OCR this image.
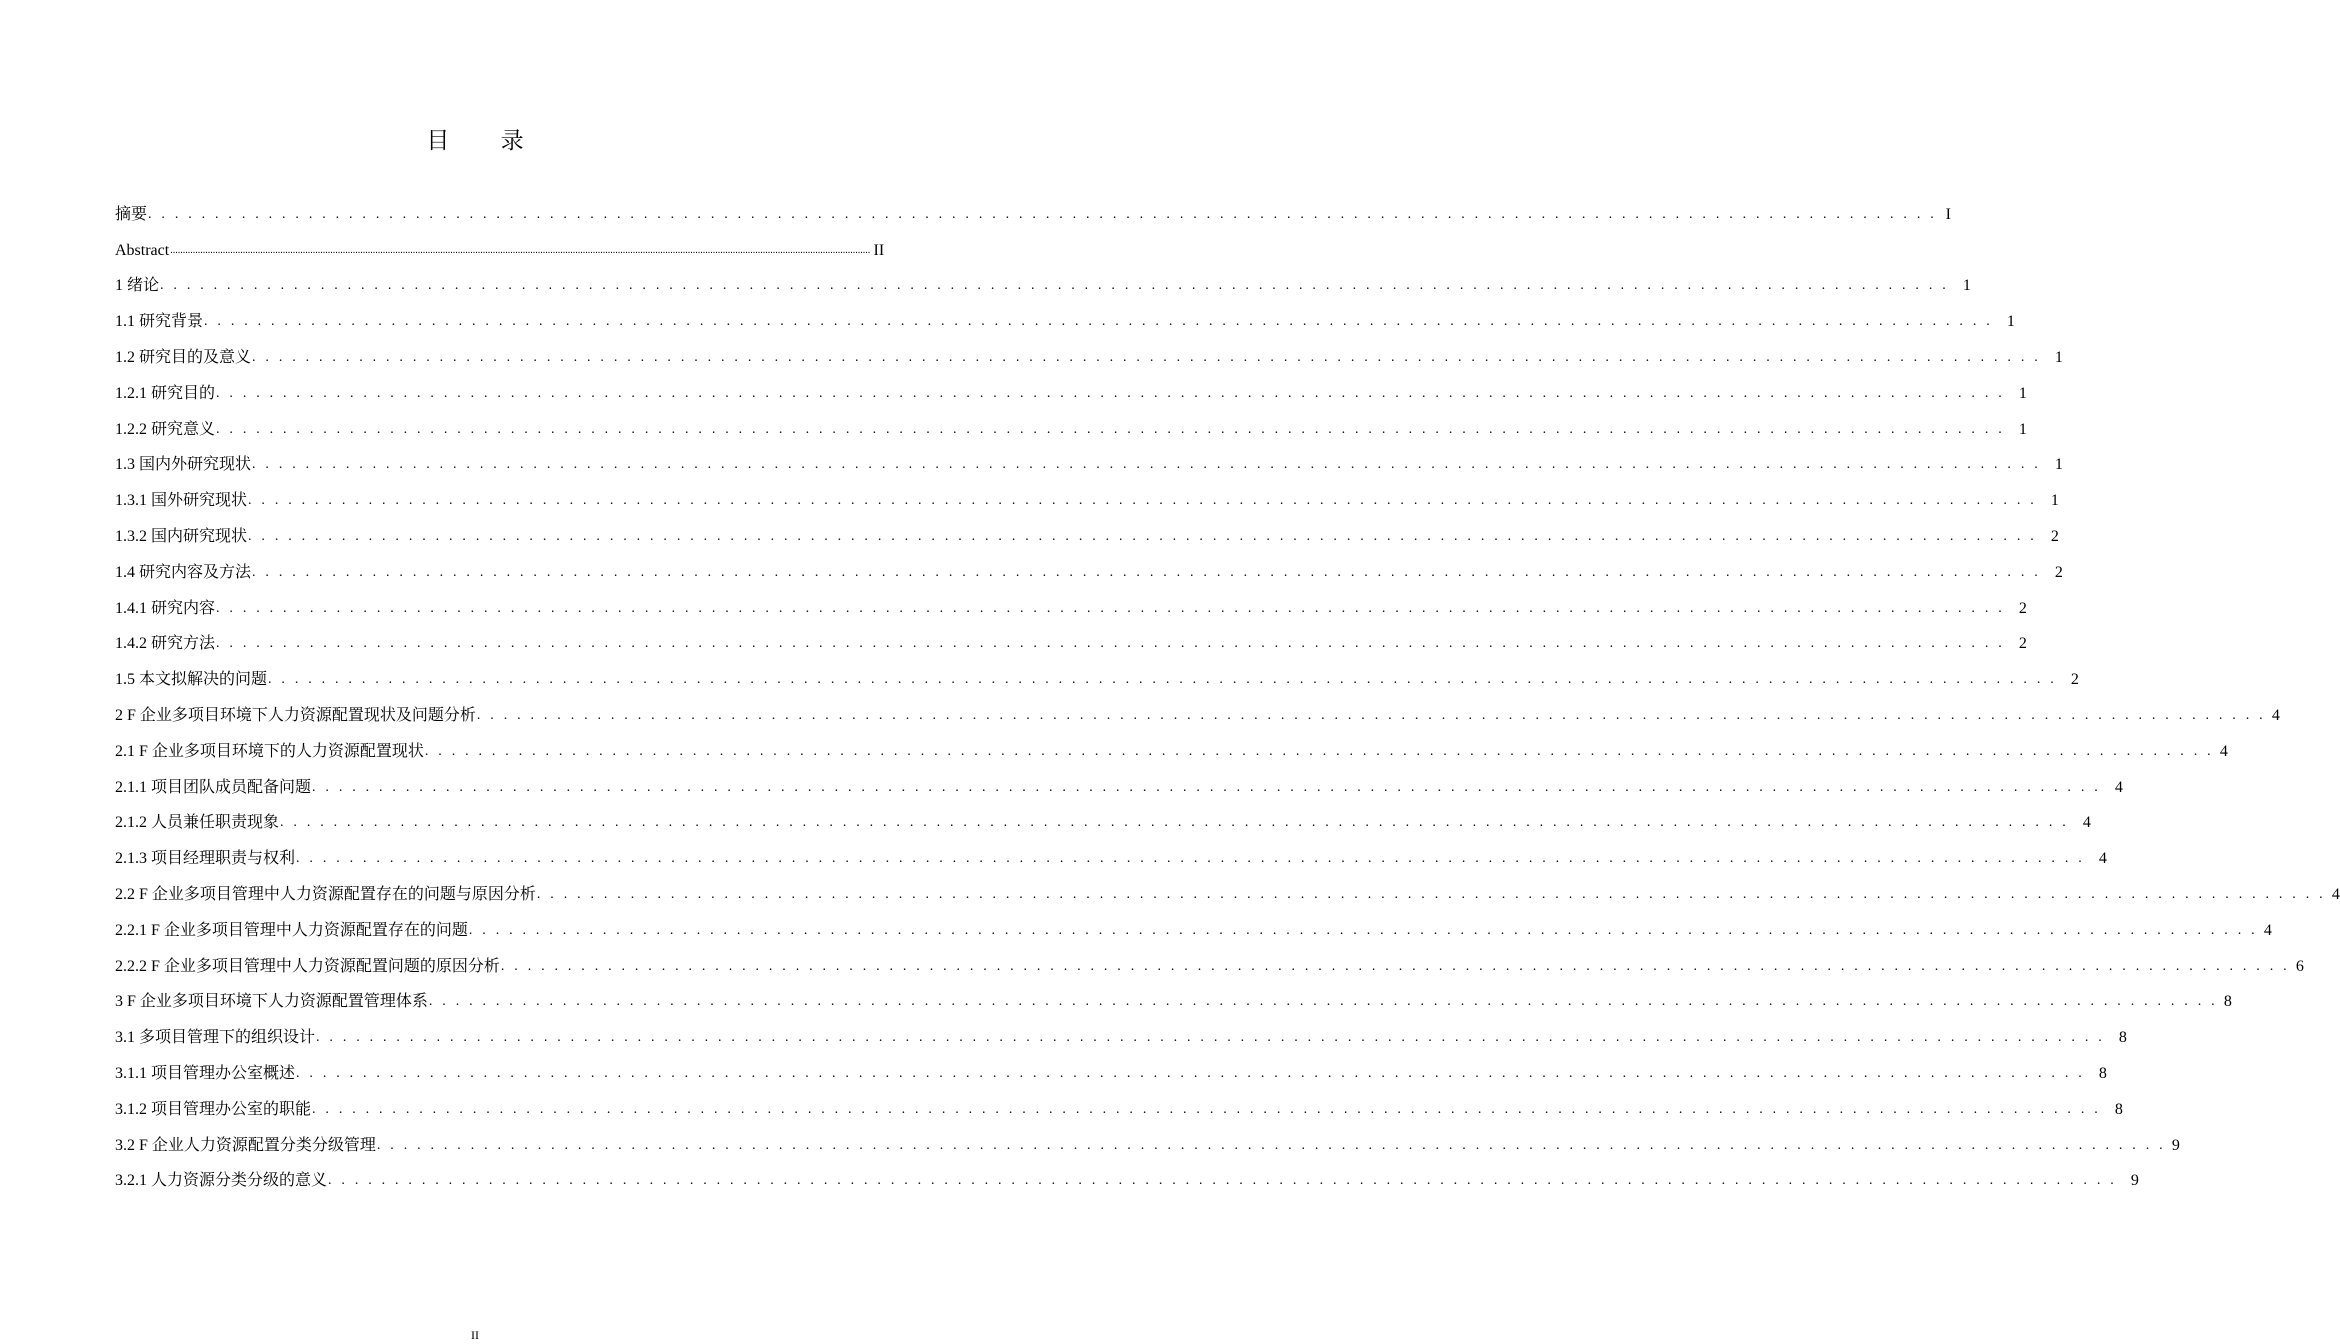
目 录
摘要 . . . . . . . . . . . . . . . . . . . . . . . . . . . . . . . . . . . . . . . . . . . . . . . . . . . . . . . . . . . . . . . . . . . . . . . . . . . . . . . . . . . . . . . . . . . . . . . . . . . . . . . . . . . . . . . . . . . . . . . . . . . . . . . . . . . . . . I
Abstract ........................................................................................................................................................................................................................................................................................ II
1 绪论 . . . . . . . . . . . . . . . . . . . . . . . . . . . . . . . . . . . . . . . . . . . . . . . . . . . . . . . . . . . . . . . . . . . . . . . . . . . . . . . . . . . . . . . . . . . . . . . . . . . . . . . . . . . . . . . . . . . . . . . . . . . . . . . . . . . . . . 1
1.1 研究背景 . . . . . . . . . . . . . . . . . . . . . . . . . . . . . . . . . . . . . . . . . . . . . . . . . . . . . . . . . . . . . . . . . . . . . . . . . . . . . . . . . . . . . . . . . . . . . . . . . . . . . . . . . . . . . . . . . . . . . . . . . . . . . . . . . . . . . . 1
1.2 研究目的及意义 . . . . . . . . . . . . . . . . . . . . . . . . . . . . . . . . . . . . . . . . . . . . . . . . . . . . . . . . . . . . . . . . . . . . . . . . . . . . . . . . . . . . . . . . . . . . . . . . . . . . . . . . . . . . . . . . . . . . . . . . . . . . . . . . . . . . . . 1
1.2.1 研究目的 . . . . . . . . . . . . . . . . . . . . . . . . . . . . . . . . . . . . . . . . . . . . . . . . . . . . . . . . . . . . . . . . . . . . . . . . . . . . . . . . . . . . . . . . . . . . . . . . . . . . . . . . . . . . . . . . . . . . . . . . . . . . . . . . . . . . . . 1
1.2.2 研究意义 . . . . . . . . . . . . . . . . . . . . . . . . . . . . . . . . . . . . . . . . . . . . . . . . . . . . . . . . . . . . . . . . . . . . . . . . . . . . . . . . . . . . . . . . . . . . . . . . . . . . . . . . . . . . . . . . . . . . . . . . . . . . . . . . . . . . . . 1
1.3 国内外研究现状 . . . . . . . . . . . . . . . . . . . . . . . . . . . . . . . . . . . . . . . . . . . . . . . . . . . . . . . . . . . . . . . . . . . . . . . . . . . . . . . . . . . . . . . . . . . . . . . . . . . . . . . . . . . . . . . . . . . . . . . . . . . . . . . . . . . . . . 1
1.3.1 国外研究现状 . . . . . . . . . . . . . . . . . . . . . . . . . . . . . . . . . . . . . . . . . . . . . . . . . . . . . . . . . . . . . . . . . . . . . . . . . . . . . . . . . . . . . . . . . . . . . . . . . . . . . . . . . . . . . . . . . . . . . . . . . . . . . . . . . . . . . . 1
1.3.2 国内研究现状 . . . . . . . . . . . . . . . . . . . . . . . . . . . . . . . . . . . . . . . . . . . . . . . . . . . . . . . . . . . . . . . . . . . . . . . . . . . . . . . . . . . . . . . . . . . . . . . . . . . . . . . . . . . . . . . . . . . . . . . . . . . . . . . . . . . . . . 2
1.4 研究内容及方法 . . . . . . . . . . . . . . . . . . . . . . . . . . . . . . . . . . . . . . . . . . . . . . . . . . . . . . . . . . . . . . . . . . . . . . . . . . . . . . . . . . . . . . . . . . . . . . . . . . . . . . . . . . . . . . . . . . . . . . . . . . . . . . . . . . . . . . 2
1.4.1 研究内容 . . . . . . . . . . . . . . . . . . . . . . . . . . . . . . . . . . . . . . . . . . . . . . . . . . . . . . . . . . . . . . . . . . . . . . . . . . . . . . . . . . . . . . . . . . . . . . . . . . . . . . . . . . . . . . . . . . . . . . . . . . . . . . . . . . . . . . 2
1.4.2 研究方法 . . . . . . . . . . . . . . . . . . . . . . . . . . . . . . . . . . . . . . . . . . . . . . . . . . . . . . . . . . . . . . . . . . . . . . . . . . . . . . . . . . . . . . . . . . . . . . . . . . . . . . . . . . . . . . . . . . . . . . . . . . . . . . . . . . . . . . 2
1.5 本文拟解决的问题 . . . . . . . . . . . . . . . . . . . . . . . . . . . . . . . . . . . . . . . . . . . . . . . . . . . . . . . . . . . . . . . . . . . . . . . . . . . . . . . . . . . . . . . . . . . . . . . . . . . . . . . . . . . . . . . . . . . . . . . . . . . . . . . . . . . . . . 2
2 F 企业多项目环境下人力资源配置现状及问题分析 . . . . . . . . . . . . . . . . . . . . . . . . . . . . . . . . . . . . . . . . . . . . . . . . . . . . . . . . . . . . . . . . . . . . . . . . . . . . . . . . . . . . . . . . . . . . . . . . . . . . . . . . . . . . . . . . . . . . . . . . . . . . . . . . . . . . . . 4
2.1 F 企业多项目环境下的人力资源配置现状 . . . . . . . . . . . . . . . . . . . . . . . . . . . . . . . . . . . . . . . . . . . . . . . . . . . . . . . . . . . . . . . . . . . . . . . . . . . . . . . . . . . . . . . . . . . . . . . . . . . . . . . . . . . . . . . . . . . . . . . . . . . . . . . . . . . . . . 4
2.1.1 项目团队成员配备问题 . . . . . . . . . . . . . . . . . . . . . . . . . . . . . . . . . . . . . . . . . . . . . . . . . . . . . . . . . . . . . . . . . . . . . . . . . . . . . . . . . . . . . . . . . . . . . . . . . . . . . . . . . . . . . . . . . . . . . . . . . . . . . . . . . . . . . . 4
2.1.2 人员兼任职责现象 . . . . . . . . . . . . . . . . . . . . . . . . . . . . . . . . . . . . . . . . . . . . . . . . . . . . . . . . . . . . . . . . . . . . . . . . . . . . . . . . . . . . . . . . . . . . . . . . . . . . . . . . . . . . . . . . . . . . . . . . . . . . . . . . . . . . . . 4
2.1.3 项目经理职责与权利 . . . . . . . . . . . . . . . . . . . . . . . . . . . . . . . . . . . . . . . . . . . . . . . . . . . . . . . . . . . . . . . . . . . . . . . . . . . . . . . . . . . . . . . . . . . . . . . . . . . . . . . . . . . . . . . . . . . . . . . . . . . . . . . . . . . . . . 4
2.2 F 企业多项目管理中人力资源配置存在的问题与原因分析 . . . . . . . . . . . . . . . . . . . . . . . . . . . . . . . . . . . . . . . . . . . . . . . . . . . . . . . . . . . . . . . . . . . . . . . . . . . . . . . . . . . . . . . . . . . . . . . . . . . . . . . . . . . . . . . . . . . . . . . . . . . . . . . . . . . . . . 4
2.2.1 F 企业多项目管理中人力资源配置存在的问题 . . . . . . . . . . . . . . . . . . . . . . . . . . . . . . . . . . . . . . . . . . . . . . . . . . . . . . . . . . . . . . . . . . . . . . . . . . . . . . . . . . . . . . . . . . . . . . . . . . . . . . . . . . . . . . . . . . . . . . . . . . . . . . . . . . . . . . 4
2.2.2 F 企业多项目管理中人力资源配置问题的原因分析 . . . . . . . . . . . . . . . . . . . . . . . . . . . . . . . . . . . . . . . . . . . . . . . . . . . . . . . . . . . . . . . . . . . . . . . . . . . . . . . . . . . . . . . . . . . . . . . . . . . . . . . . . . . . . . . . . . . . . . . . . . . . . . . . . . . . . . 6
3 F 企业多项目环境下人力资源配置管理体系 . . . . . . . . . . . . . . . . . . . . . . . . . . . . . . . . . . . . . . . . . . . . . . . . . . . . . . . . . . . . . . . . . . . . . . . . . . . . . . . . . . . . . . . . . . . . . . . . . . . . . . . . . . . . . . . . . . . . . . . . . . . . . . . . . . . . . . 8
3.1 多项目管理下的组织设计 . . . . . . . . . . . . . . . . . . . . . . . . . . . . . . . . . . . . . . . . . . . . . . . . . . . . . . . . . . . . . . . . . . . . . . . . . . . . . . . . . . . . . . . . . . . . . . . . . . . . . . . . . . . . . . . . . . . . . . . . . . . . . . . . . . . . . . 8
3.1.1 项目管理办公室概述 . . . . . . . . . . . . . . . . . . . . . . . . . . . . . . . . . . . . . . . . . . . . . . . . . . . . . . . . . . . . . . . . . . . . . . . . . . . . . . . . . . . . . . . . . . . . . . . . . . . . . . . . . . . . . . . . . . . . . . . . . . . . . . . . . . . . . . 8
3.1.2 项目管理办公室的职能 . . . . . . . . . . . . . . . . . . . . . . . . . . . . . . . . . . . . . . . . . . . . . . . . . . . . . . . . . . . . . . . . . . . . . . . . . . . . . . . . . . . . . . . . . . . . . . . . . . . . . . . . . . . . . . . . . . . . . . . . . . . . . . . . . . . . . . 8
3.2 F 企业人力资源配置分类分级管理 . . . . . . . . . . . . . . . . . . . . . . . . . . . . . . . . . . . . . . . . . . . . . . . . . . . . . . . . . . . . . . . . . . . . . . . . . . . . . . . . . . . . . . . . . . . . . . . . . . . . . . . . . . . . . . . . . . . . . . . . . . . . . . . . . . . . . . 9
3.2.1 人力资源分类分级的意义 . . . . . . . . . . . . . . . . . . . . . . . . . . . . . . . . . . . . . . . . . . . . . . . . . . . . . . . . . . . . . . . . . . . . . . . . . . . . . . . . . . . . . . . . . . . . . . . . . . . . . . . . . . . . . . . . . . . . . . . . . . . . . . . . . . . . . . 9
II
